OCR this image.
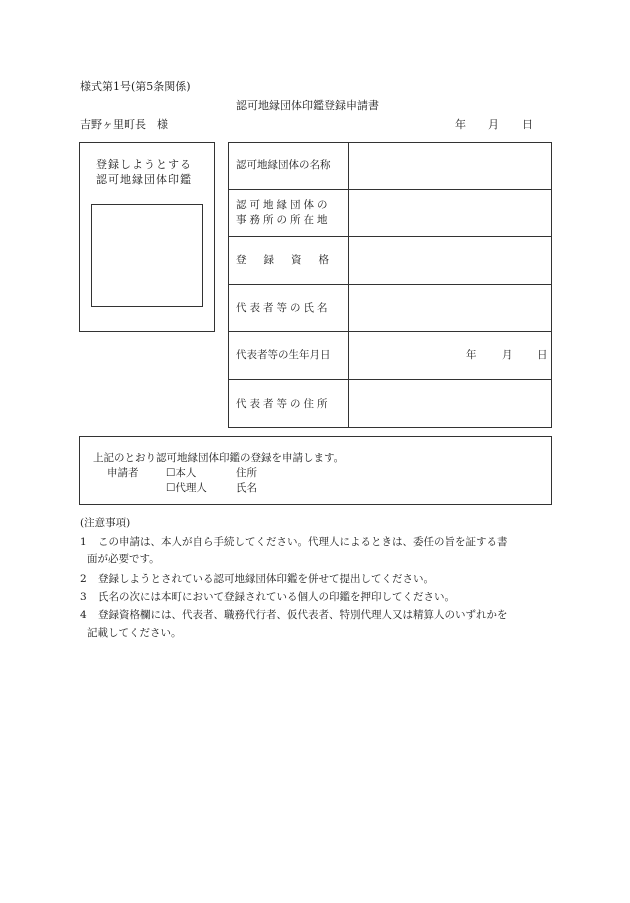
様式第1号(第5条関係)
認可地縁団体印鑑登録申請書
吉野ヶ里町長　様	年 月 日
登録しようとする
認可地縁団体印鑑
認可地縁団体の名称
認可地縁団体の
事務所の所在地
登録資格
代表者等の氏名
代表者等の生年月日	年 月 日
代表者等の住所
上記のとおり認可地縁団体印鑑の登録を申請します。
申請者	☐本人	住所
☐代理人	氏名
(注意事項)
1 この申請は、本人が自ら手続してください。代理人によるときは、委任の旨を証する書
面が必要です。
2 登録しようとされている認可地縁団体印鑑を併せて提出してください。
3 氏名の次には本町において登録されている個人の印鑑を押印してください。
4 登録資格欄には、代表者、職務代行者、仮代表者、特別代理人又は精算人のいずれかを
記載してください。
